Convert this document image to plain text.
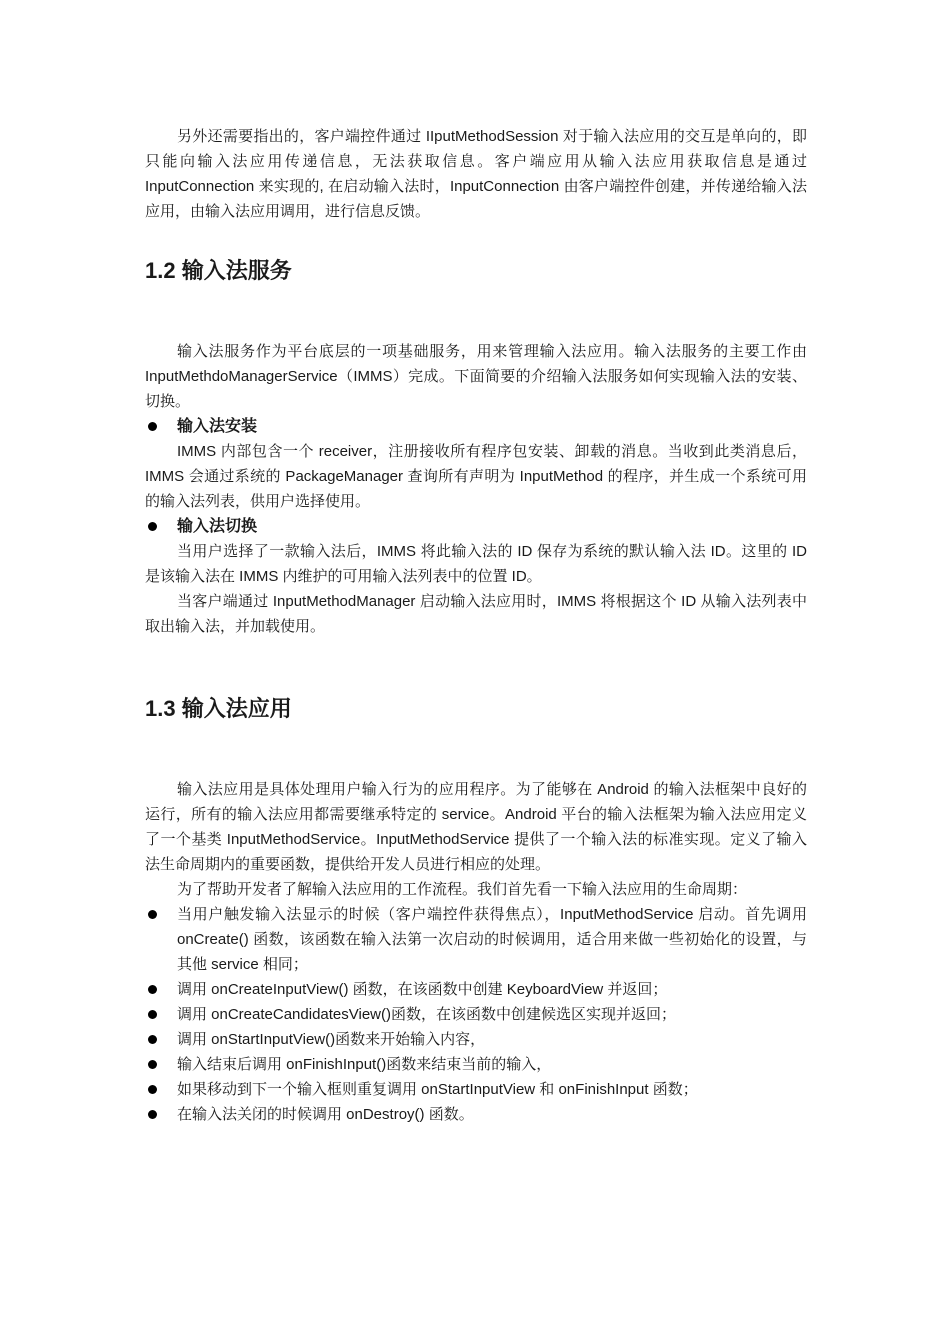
另外还需要指出的，客户端控件通过 IIputMethodSession 对于输入法应用的交互是单向的，即只能向输入法应用传递信息，无法获取信息。客户端应用从输入法应用获取信息是通过 InputConnection 来实现的, 在启动输入法时，InputConnection 由客户端控件创建，并传递给输入法应用，由输入法应用调用，进行信息反馈。

1.2 输入法服务

输入法服务作为平台底层的一项基础服务，用来管理输入法应用。输入法服务的主要工作由 InputMethdoManagerService（IMMS）完成。下面简要的介绍输入法服务如何实现输入法的安装、切换。

输入法安装

IMMS 内部包含一个 receiver，注册接收所有程序包安装、卸载的消息。当收到此类消息后，IMMS 会通过系统的 PackageManager 查询所有声明为 InputMethod 的程序，并生成一个系统可用的输入法列表，供用户选择使用。

输入法切换

当用户选择了一款输入法后，IMMS 将此输入法的 ID 保存为系统的默认输入法 ID。这里的 ID 是该输入法在 IMMS 内维护的可用输入法列表中的位置 ID。

当客户端通过 InputMethodManager 启动输入法应用时，IMMS 将根据这个 ID 从输入法列表中取出输入法，并加载使用。

1.3 输入法应用

输入法应用是具体处理用户输入行为的应用程序。为了能够在 Android 的输入法框架中良好的运行，所有的输入法应用都需要继承特定的 service。Android 平台的输入法框架为输入法应用定义了一个基类 InputMethodService。InputMethodService 提供了一个输入法的标准实现。定义了输入法生命周期内的重要函数，提供给开发人员进行相应的处理。

为了帮助开发者了解输入法应用的工作流程。我们首先看一下输入法应用的生命周期：

当用户触发输入法显示的时候（客户端控件获得焦点），InputMethodService 启动。首先调用 onCreate() 函数，该函数在输入法第一次启动的时候调用，适合用来做一些初始化的设置，与其他 service 相同；

调用 onCreateInputView() 函数，在该函数中创建 KeyboardView 并返回；

调用 onCreateCandidatesView()函数，在该函数中创建候选区实现并返回；

调用 onStartInputView()函数来开始输入内容，

输入结束后调用 onFinishInput()函数来结束当前的输入，

如果移动到下一个输入框则重复调用 onStartInputView 和 onFinishInput 函数；

在输入法关闭的时候调用 onDestroy() 函数。
